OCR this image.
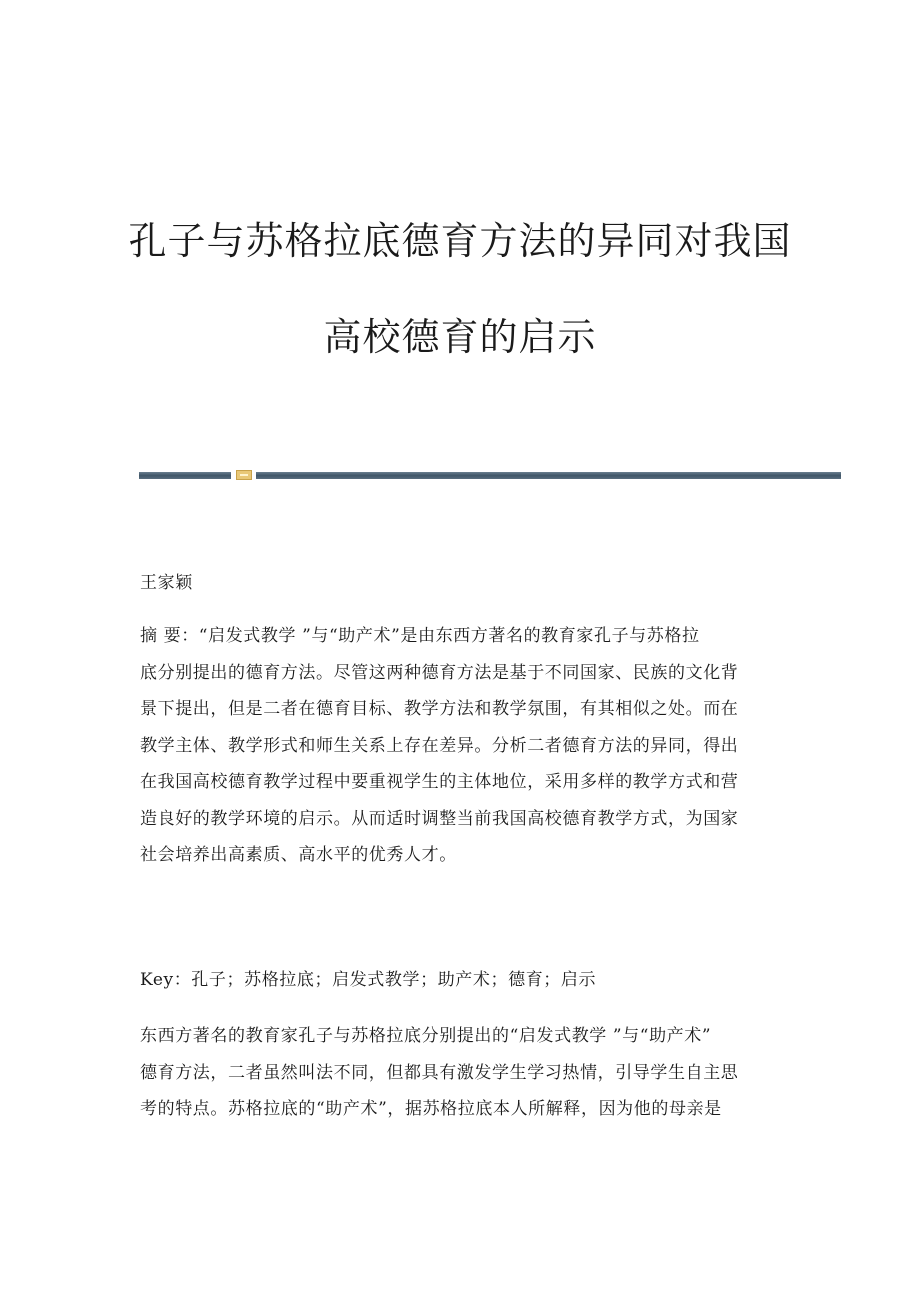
孔子与苏格拉底德育方法的异同对我国
高校德育的启示

王家颖

摘 要：“启发式教学 ”与“助产术”是由东西方著名的教育家孔子与苏格拉
底分别提出的德育方法。尽管这两种德育方法是基于不同国家、民族的文化背
景下提出，但是二者在德育目标、教学方法和教学氛围，有其相似之处。而在
教学主体、教学形式和师生关系上存在差异。分析二者德育方法的异同，得出
在我国高校德育教学过程中要重视学生的主体地位，采用多样的教学方式和营
造良好的教学环境的启示。从而适时调整当前我国高校德育教学方式，为国家
社会培养出高素质、高水平的优秀人才。

Key：孔子；苏格拉底；启发式教学；助产术；德育；启示

东西方著名的教育家孔子与苏格拉底分别提出的“启发式教学 ”与“助产术”
德育方法，二者虽然叫法不同，但都具有激发学生学习热情，引导学生自主思
考的特点。苏格拉底的“助产术”，据苏格拉底本人所解释，因为他的母亲是
